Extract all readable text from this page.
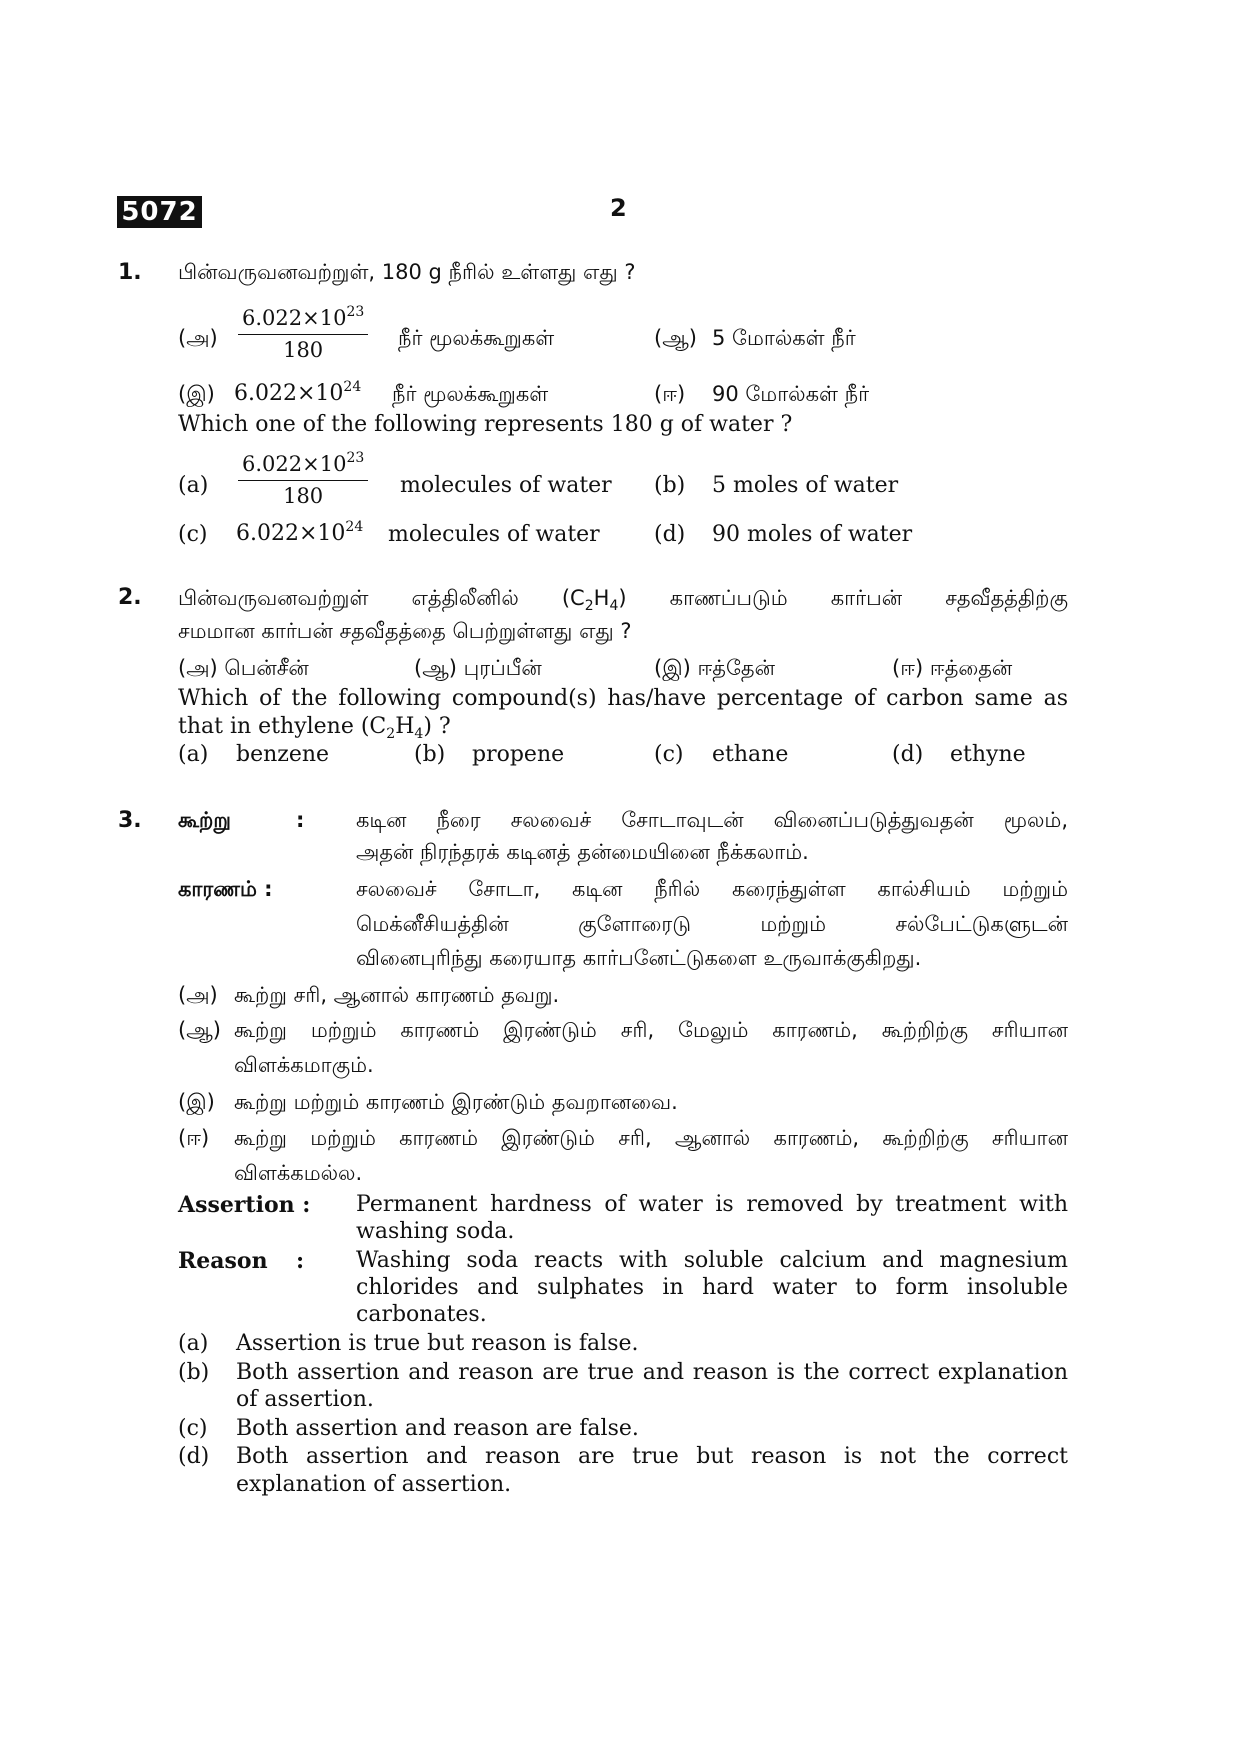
5072	2
1. பின்வருவனவற்றுள், 180 g நீரில் உள்ளது எது ?
(அ) $\frac{6.022\times 10^{23}}{180}$ நீர் மூலக்கூறுகள்	(ஆ) 5 மோல்கள் நீர்
(இ) $6.022\times 10^{24}$ நீர் மூலக்கூறுகள்	(ஈ) 90 மோல்கள் நீர்
Which one of the following represents 180 g of water ?
$(a) \frac{6.022\times 10^{23}}{180}$ molecules of water (b) 5 moles of water
(c) $6.022\times 10^{24}$ molecules of water (d) 90 moles of water
2. பின்வருவனவற்றுள் எத்திலீனில் $(C_2H_4)$ காணப்படும் கார்பன் சதவீதத்திற்கு
சமமான கார்பன் சதவீதத்தை பெற்றுள்ளது எது ?
(அ) பென்சீன்	(ஆ) புரப்பீன்	(இ) ஈத்தேன்	(ஈ) ஈத்தைன்
Which of the following compound(s) has/have percentage of carbon same as
that in ethylene $(C_2H_4)$ ?
(a) benzene	(b) propene	(c) ethane	(d) ethyne
3. கூற்று	: கடின நீரை சலவைச் சோடாவுடன் வினைப்படுத்துவதன் மூலம்,
அதன் நிரந்தரக் கடினத் தன்மையினை நீக்கலாம்.
காரணம் :	சலவைச் சோடா, கடின நீரில் கரைந்துள்ள கால்சியம் மற்றும்
மெக்னீசியத்தின் குளோரைடு மற்றும் சல்பேட்டுகளுடன்
வினைபுரிந்து கரையாத கார்பனேட்டுகளை உருவாக்குகிறது.
(அ) கூற்று சரி, ஆனால் காரணம் தவறு.
(ஆ) கூற்று மற்றும் காரணம் இரண்டும் சரி, மேலும் காரணம், கூற்றிற்கு சரியான
விளக்கமாகும்.
(இ) கூற்று மற்றும் காரணம் இரண்டும் தவறானவை.
(ஈ) கூற்று மற்றும் காரணம் இரண்டும் சரி, ஆனால் காரணம், கூற்றிற்கு சரியான
விளக்கமல்ல.
Assertion : Permanent hardness of water is removed by treatment with
washing soda.
Reason : Washing soda reacts with soluble calcium and magnesium
chlorides and sulphates in hard water to form insoluble
carbonates.
(a) Assertion is true but reason is false.
(b) Both assertion and reason are true and reason is the correct explanation
of assertion.
(c) Both assertion and reason are false.
(d) Both assertion and reason are true but reason is not the correct
explanation of assertion.
